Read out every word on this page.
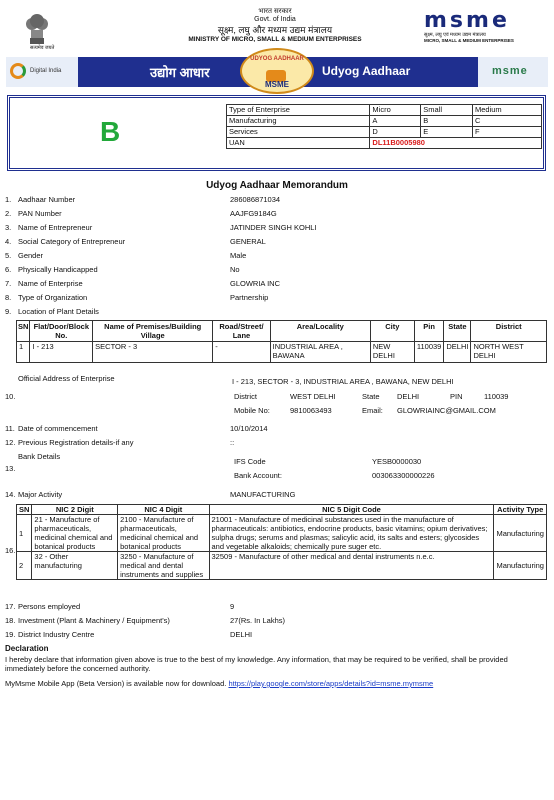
सत्यमेव जयते
भारत सरकार
Govt. of India
सूक्ष्म, लघु और मध्यम उद्यम मंत्रालय
MINISTRY OF MICRO, SMALL & MEDIUM ENTERPRISES
msme
सूक्ष्म, लघु एवं मध्यम उद्यम मंत्रालय
MICRO, SMALL & MEDIUM ENTERPRISES
Digital India	उद्योग आधार	Udyog Aadhaar
UDYOG AADHAAR
MSME
msme
B
Type of Enterprise	Micro	Small	Medium
Manufacturing	A	B	C
Services	D	E	F
UAN	DL11B0005980		
Udyog Aadhaar Memorandum
1. Aadhaar Number	286086871034
2. PAN Number	AAJFG9184G
3. Name of Entrepreneur	JATINDER SINGH KOHLI
4. Social Category of Entrepreneur	GENERAL
5. Gender	Male
6. Physically Handicapped	No
7. Name of Enterprise	GLOWRIA INC
8. Type of Organization	Partnership
9. Location of Plant Details
SN	Flat/Door/Block No.	Name of Premises/Building Village	Road/Street/ Lane	Area/Locality	City	Pin	State	District
1	I - 213	SECTOR - 3	-	INDUSTRIAL AREA , BAWANA	NEW DELHI	110039	DELHI	NORTH WEST DELHI
Official Address of Enterprise
10.
I - 213, SECTOR - 3, INDUSTRIAL AREA , BAWANA, NEW DELHI
District	WEST DELHI	State DELHI	PIN	110039
Mobile No:	9810063493	Email: GLOWRIAINC@GMAIL.COM
11. Date of commencement	10/10/2014
12. Previous Registration details-if any	::
Bank Details
13.
IFS Code	YESB0000030
Bank Account:	003063300000226
14. Major Activity	MANUFACTURING
16.
SN	NIC 2 Digit	NIC 4 Digit	NIC 5 Digit Code	Activity Type
1	21 - Manufacture of pharmaceuticals, medicinal chemical and botanical products	2100 - Manufacture of pharmaceuticals, medicinal chemical and botanical products	21001 - Manufacture of medicinal substances used in the manufacture of pharmaceuticals: antibiotics, endocrine products, basic vitamins; opium derivatives; sulpha drugs; serums and plasmas; salicylic acid, its salts and esters; glycosides and vegetable alkaloids; chemically pure suger etc.	Manufacturing
2	32 - Other manufacturing	3250 - Manufacture of medical and dental instruments and supplies	32509 - Manufacture of other medical and dental instruments n.e.c.	Manufacturing
17. Persons employed	9
18. Investment (Plant & Machinery / Equipment's)	27(Rs. In Lakhs)
19. District Industry Centre	DELHI
Declaration
I hereby declare that information given above is true to the best of my knowledge. Any information, that may be required to be verified, shall be provided immediately before the concerned authority.
MyMsme Mobile App (Beta Version) is available now for download. https://play.google.com/store/apps/details?id=msme.mymsme
